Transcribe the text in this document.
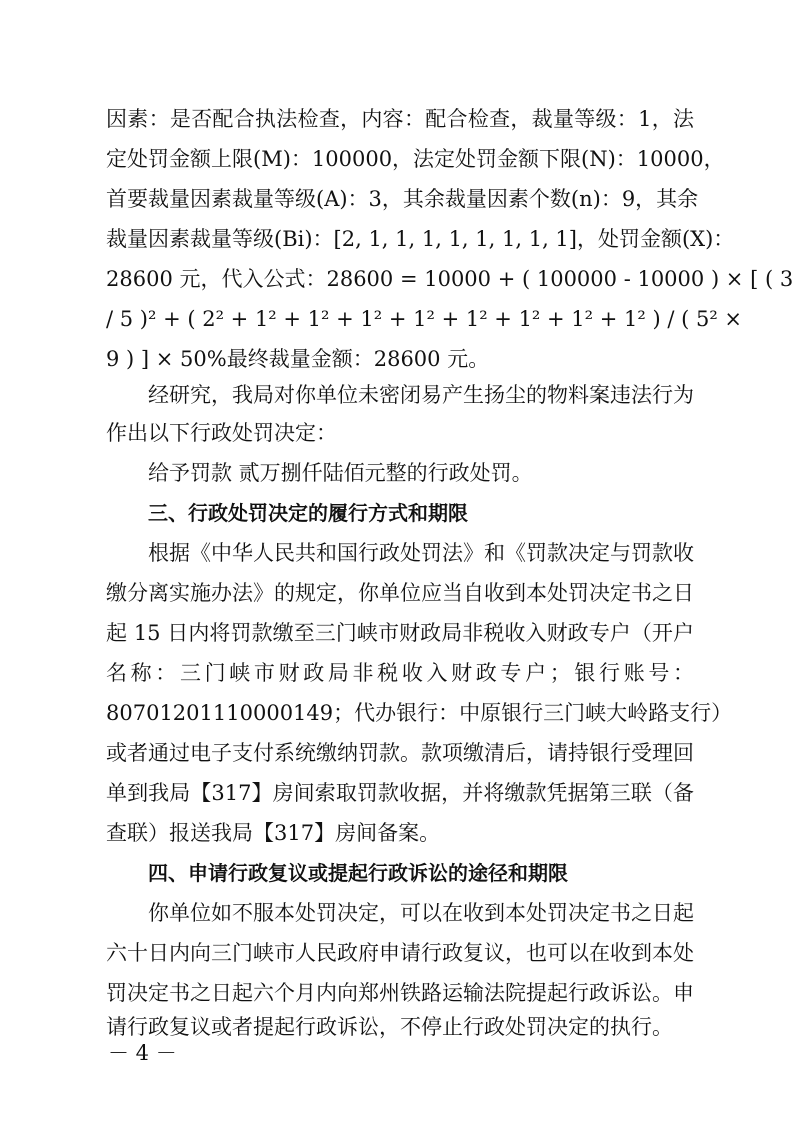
因素：是否配合执法检查，内容：配合检查，裁量等级：1，法
定处罚金额上限(M)：100000，法定处罚金额下限(N)：10000，
首要裁量因素裁量等级(A)：3，其余裁量因素个数(n)：9，其余
裁量因素裁量等级(Bi)：[2, 1, 1, 1, 1, 1, 1, 1, 1]，处罚金额(X)：
28600 元，代入公式：28600 = 10000 + ( 100000 - 10000 ) × [ ( 3
/ 5 )² + ( 2² + 1² + 1² + 1² + 1² + 1² + 1² + 1² + 1² ) / ( 5² ×
9 ) ] × 50%最终裁量金额：28600 元。
经研究，我局对你单位未密闭易产生扬尘的物料案违法行为
作出以下行政处罚决定：
给予罚款 贰万捌仟陆佰元整的行政处罚。
三、行政处罚决定的履行方式和期限
根据《中华人民共和国行政处罚法》和《罚款决定与罚款收
缴分离实施办法》的规定，你单位应当自收到本处罚决定书之日
起 15 日内将罚款缴至三门峡市财政局非税收入财政专户（开户
名称：三门峡市财政局非税收入财政专户；银行账号：
80701201110000149；代办银行：中原银行三门峡大岭路支行）
或者通过电子支付系统缴纳罚款。款项缴清后，请持银行受理回
单到我局【317】房间索取罚款收据，并将缴款凭据第三联（备
查联）报送我局【317】房间备案。
四、申请行政复议或提起行政诉讼的途径和期限
你单位如不服本处罚决定，可以在收到本处罚决定书之日起
六十日内向三门峡市人民政府申请行政复议，也可以在收到本处
罚决定书之日起六个月内向郑州铁路运输法院提起行政诉讼。申
请行政复议或者提起行政诉讼，不停止行政处罚决定的执行。
－ 4 －
